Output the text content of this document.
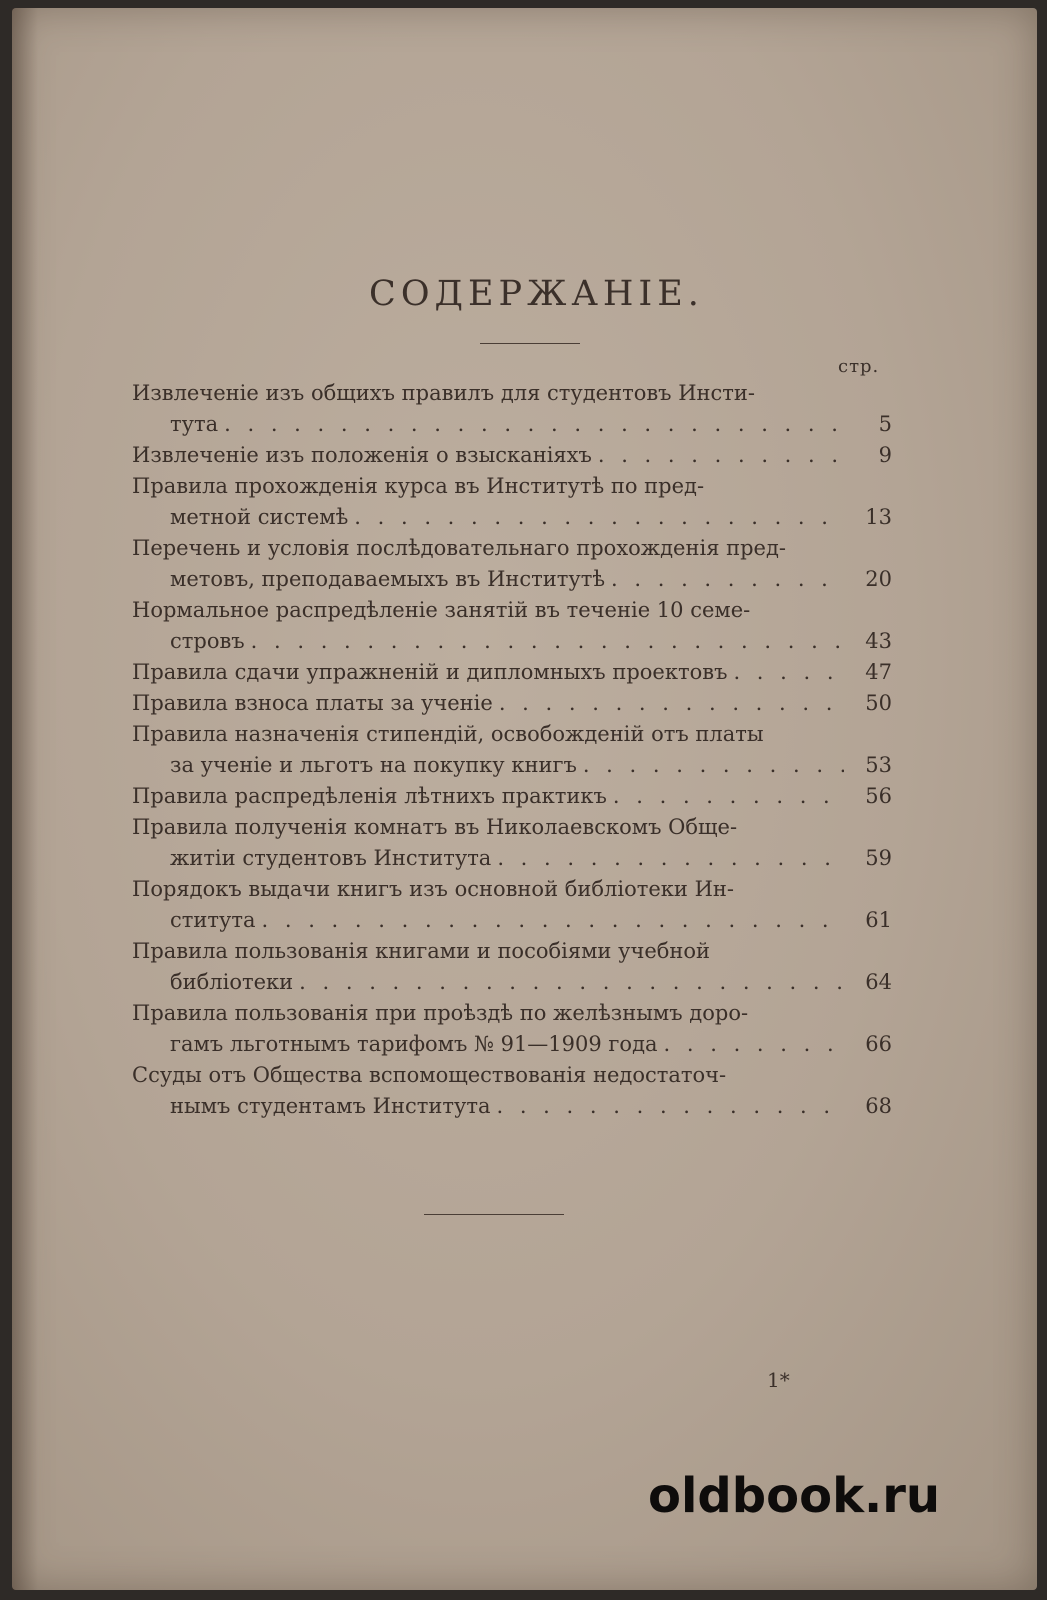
СОДЕРЖАНІЕ.
стр.
Извлеченіе изъ общихъ правилъ для студентовъ Инсти-
тута . . .	5
Извлеченіе изъ положенія о взысканіяхъ . . .	9
Правила прохожденія курса въ Институтѣ по пред-
метной системѣ . . .	13
Перечень и условія послѣдовательнаго прохожденія пред-
метовъ, преподаваемыхъ въ Институтѣ . . .	20
Нормальное распредѣленіе занятій въ теченіе 10 семе-
стровъ . . .	43
Правила сдачи упражненій и дипломныхъ проектовъ . . .	47
Правила взноса платы за ученіе . . .	50
Правила назначенія стипендій, освобожденій отъ платы
за ученіе и льготъ на покупку книгъ . . .	53
Правила распредѣленія лѣтнихъ практикъ . . .	56
Правила полученія комнатъ въ Николаевскомъ Обще-
житіи студентовъ Института . . .	59
Порядокъ выдачи книгъ изъ основной библіотеки Ин-
ститута . . .	61
Правила пользованія книгами и пособіями учебной
библіотеки . . .	64
Правила пользованія при проѣздѣ по желѣзнымъ доро-
гамъ льготнымъ тарифомъ № 91—1909 года . . .	66
Ссуды отъ Общества вспомоществованія недостаточ-
нымъ студентамъ Института . . .	68
1*
oldbook.ru
